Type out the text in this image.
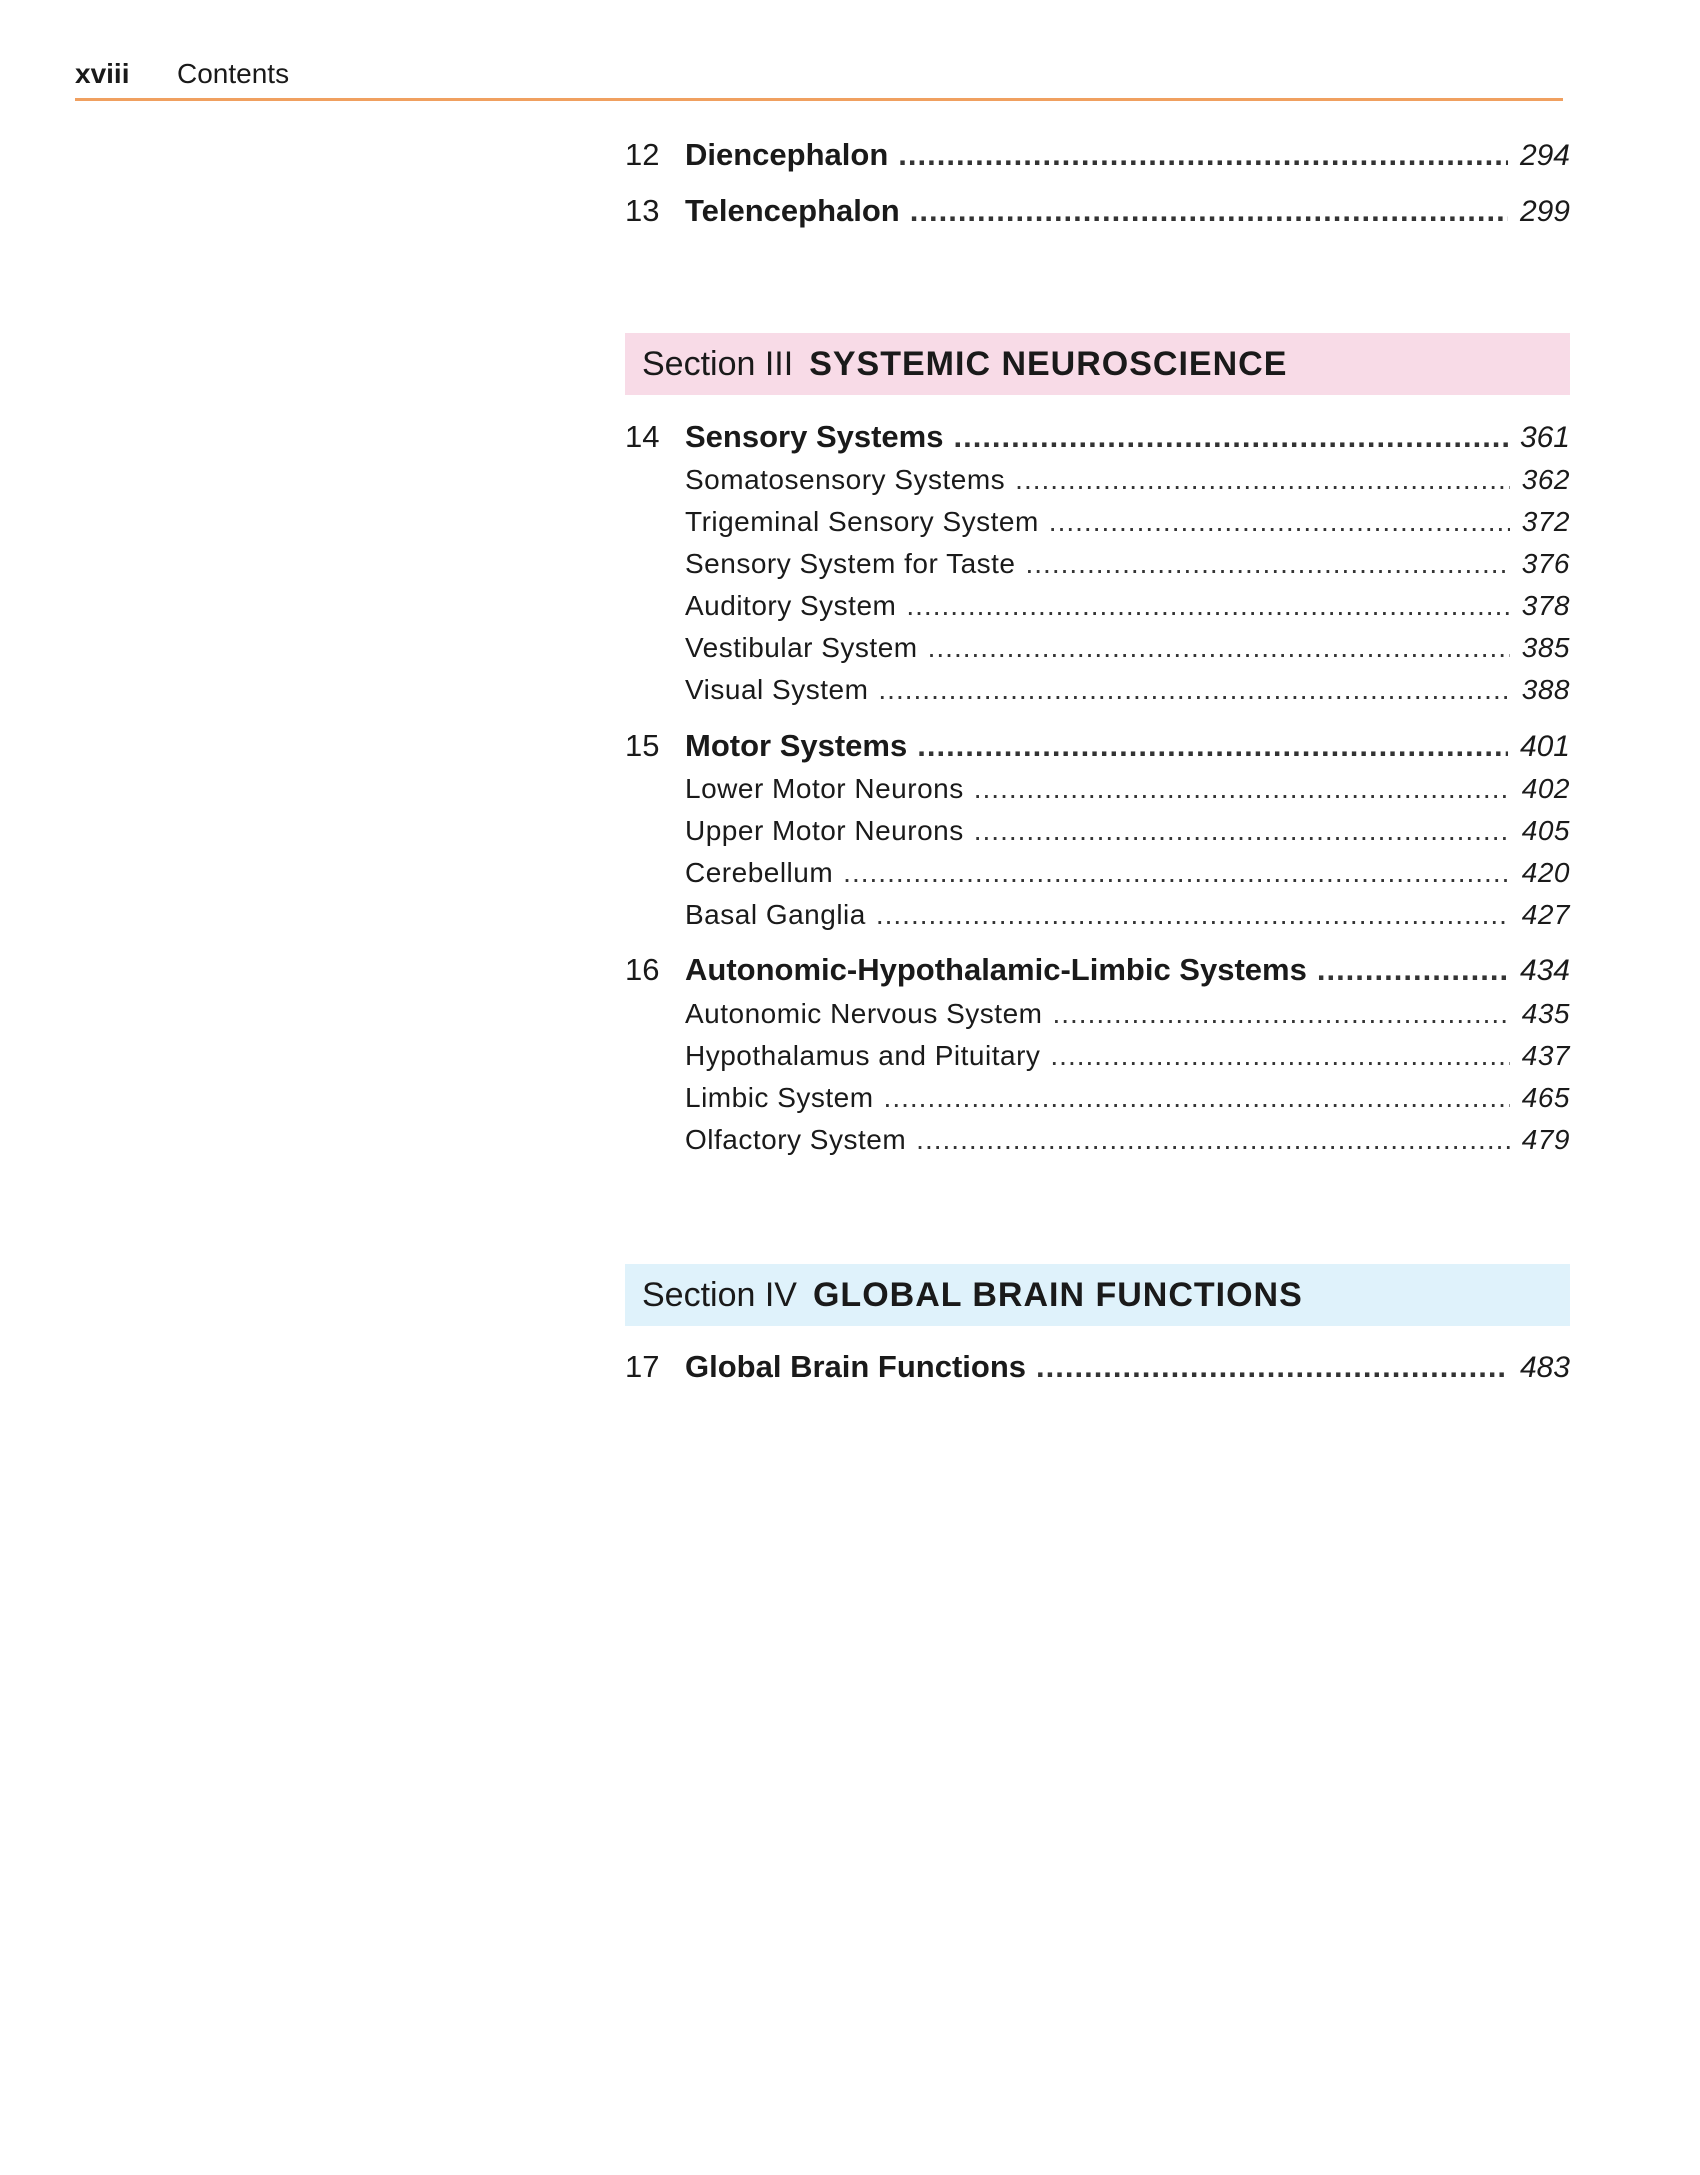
xviii	Contents
12 Diencephalon .....	294
13 Telencephalon .....	299
14 Sensory Systems .....	361
Somatosensory Systems .....	362
Trigeminal Sensory System .....	372
Sensory System for Taste .....	376
Auditory System .....	378
Vestibular System .....	385
Visual System .....	388
15 Motor Systems .....	401
Lower Motor Neurons .....	402
Upper Motor Neurons .....	405
Cerebellum .....	420
Basal Ganglia .....	427
16 Autonomic-Hypothalamic-Limbic Systems .....	434
Autonomic Nervous System .....	435
Hypothalamus and Pituitary .....	437
Limbic System .....	465
Olfactory System .....	479
17 Global Brain Functions .....	483
Section III SYSTEMIC NEUROSCIENCE
Section IV GLOBAL BRAIN FUNCTIONS
